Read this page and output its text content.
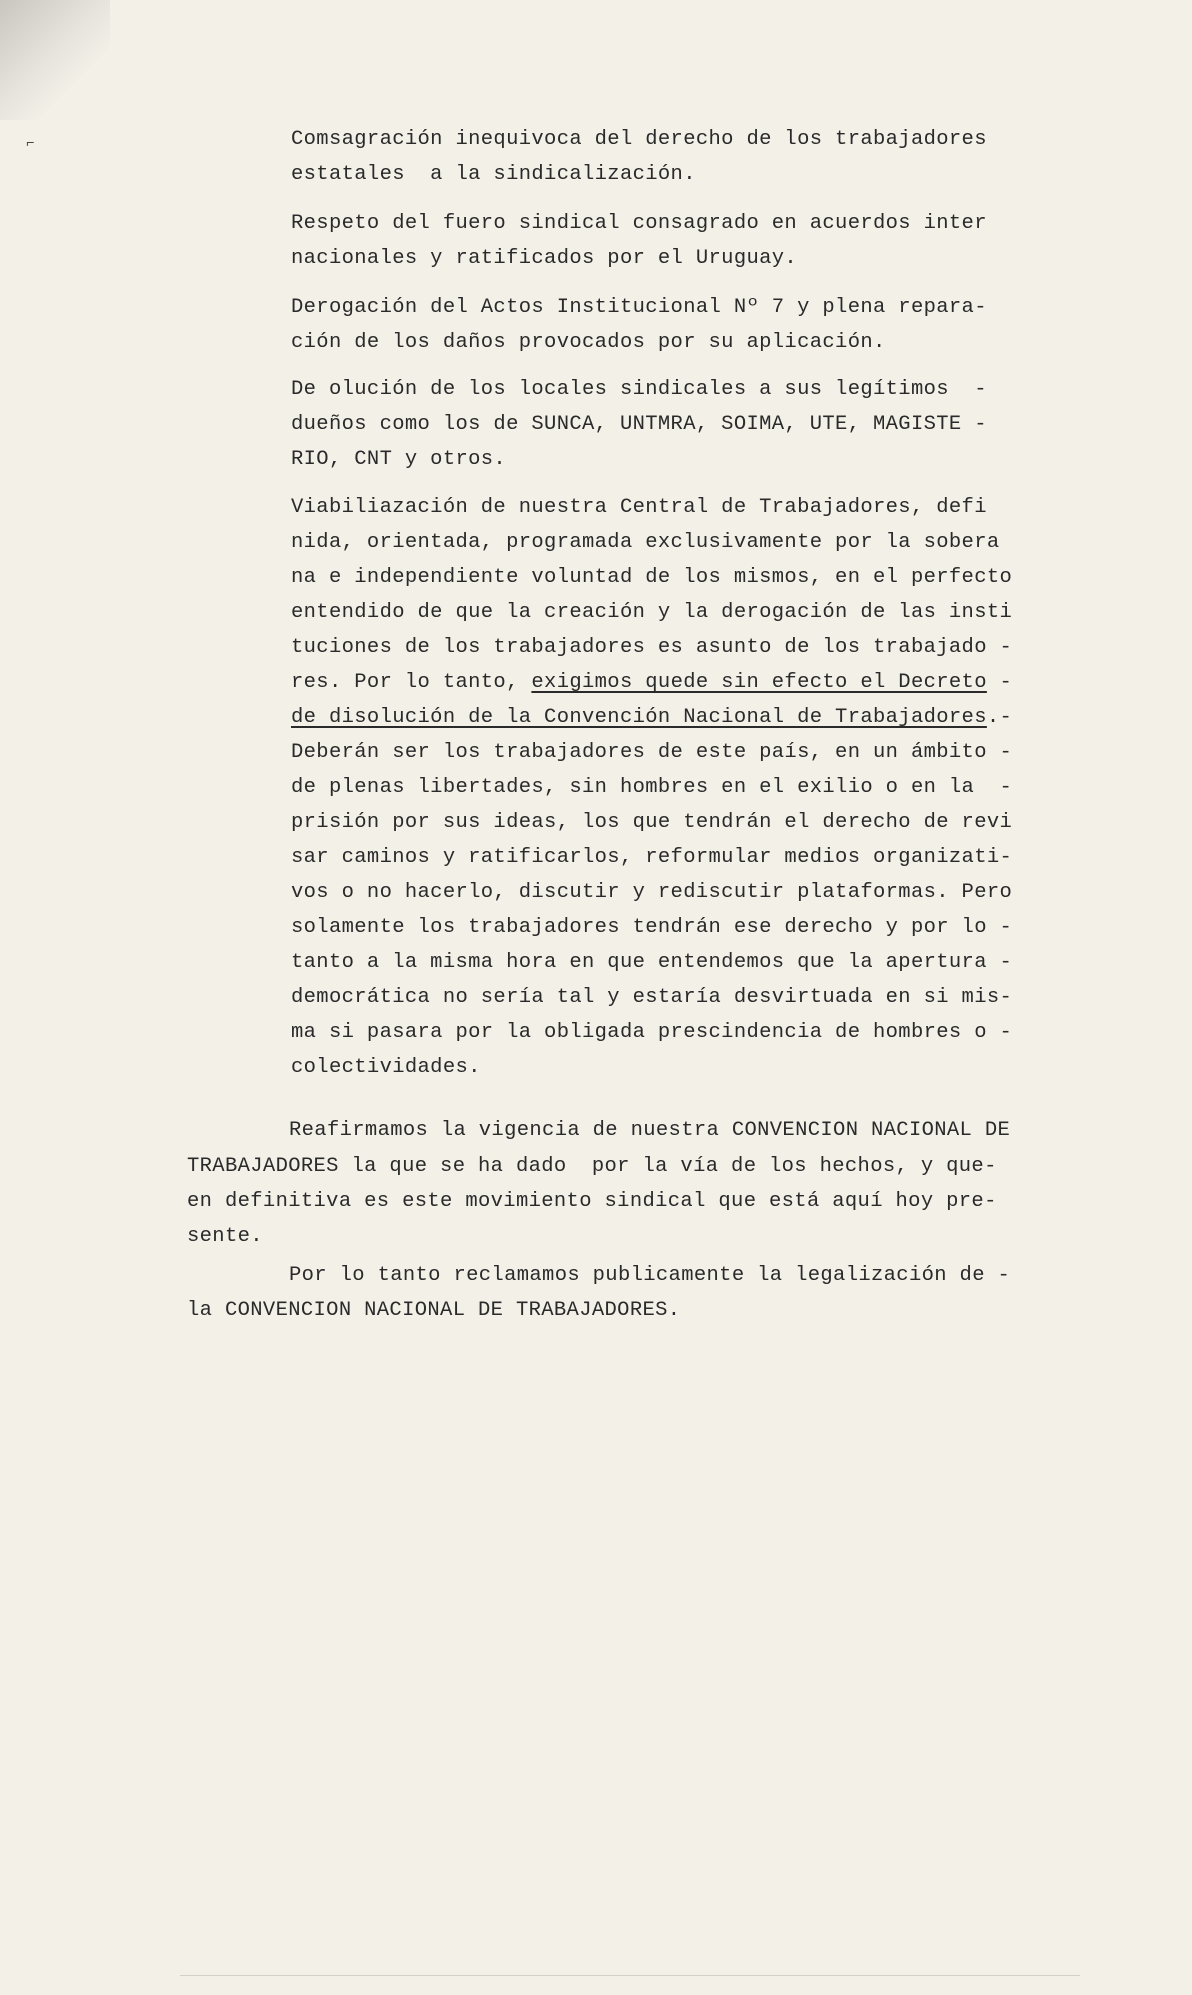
⌐	Comsagración inequivoca del derecho de los trabajadores
estatales  a la sindicalización.
Respeto del fuero sindical consagrado en acuerdos inter
nacionales y ratificados por el Uruguay.
Derogación del Actos Institucional Nº 7 y plena repara-
ción de los daños provocados por su aplicación.
De olución de los locales sindicales a sus legítimos  -
dueños como los de SUNCA, UNTMRA, SOIMA, UTE, MAGISTE -
RIO, CNT y otros.
Viabiliazación de nuestra Central de Trabajadores, defi
nida, orientada, programada exclusivamente por la sobera
na e independiente voluntad de los mismos, en el perfecto
entendido de que la creación y la derogación de las insti
tuciones de los trabajadores es asunto de los trabajado -
res. Por lo tanto, exigimos quede sin efecto el Decreto -
de disolución de la Convención Nacional de Trabajadores.-
Deberán ser los trabajadores de este país, en un ámbito -
de plenas libertades, sin hombres en el exilio o en la  -
prisión por sus ideas, los que tendrán el derecho de revi
sar caminos y ratificarlos, reformular medios organizati-
vos o no hacerlo, discutir y rediscutir plataformas. Pero
solamente los trabajadores tendrán ese derecho y por lo -
tanto a la misma hora en que entendemos que la apertura -
democrática no sería tal y estaría desvirtuada en si mis-
ma si pasara por la obligada prescindencia de hombres o -
colectividades.
Reafirmamos la vigencia de nuestra CONVENCION NACIONAL DE
TRABAJADORES la que se ha dado  por la vía de los hechos, y que-
en definitiva es este movimiento sindical que está aquí hoy pre-
sente.
Por lo tanto reclamamos publicamente la legalización de -
la CONVENCION NACIONAL DE TRABAJADORES.
